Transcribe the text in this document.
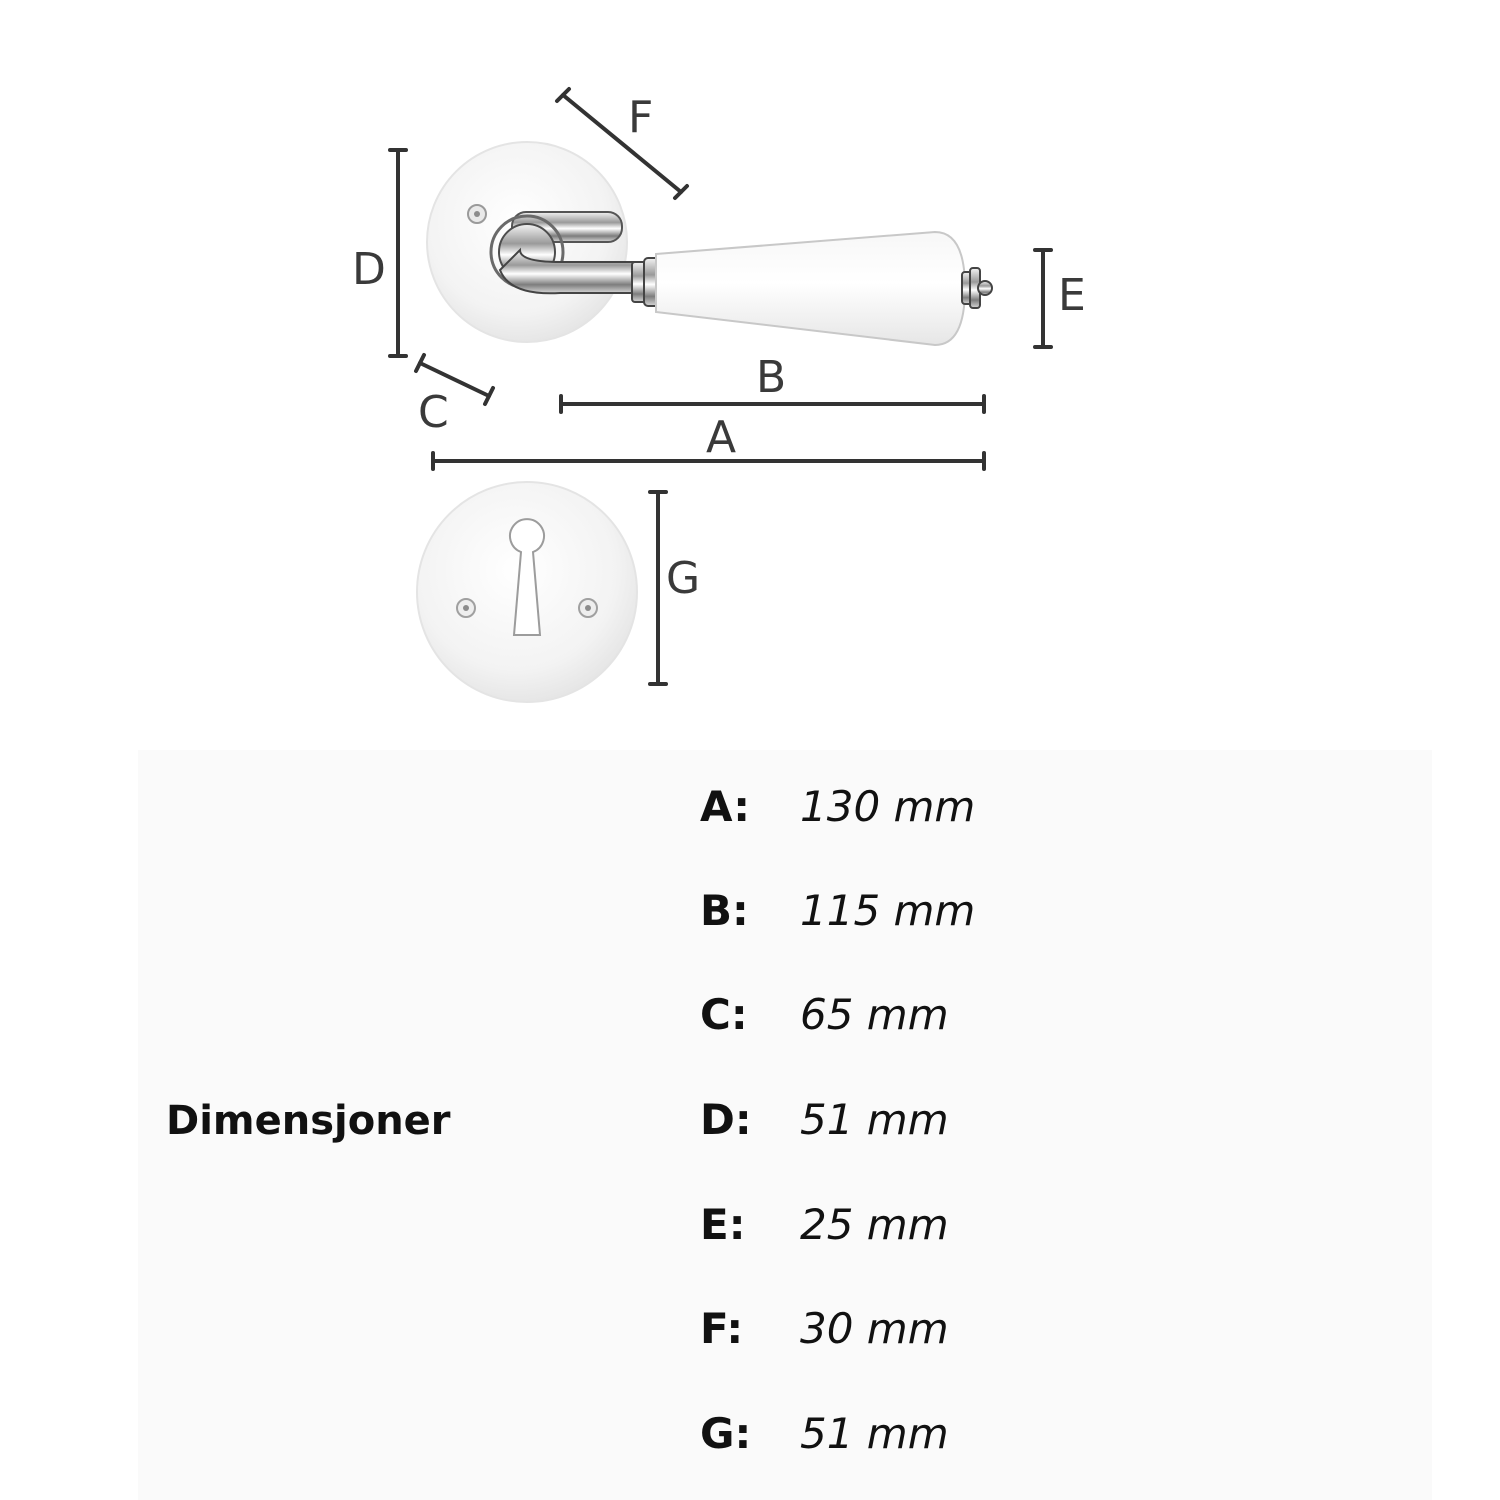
D
F
E
C
B
A
G
Dimensjoner
A: 130 mm
B: 115 mm
C: 65 mm
D: 51 mm
E: 25 mm
F: 30 mm
G: 51 mm
